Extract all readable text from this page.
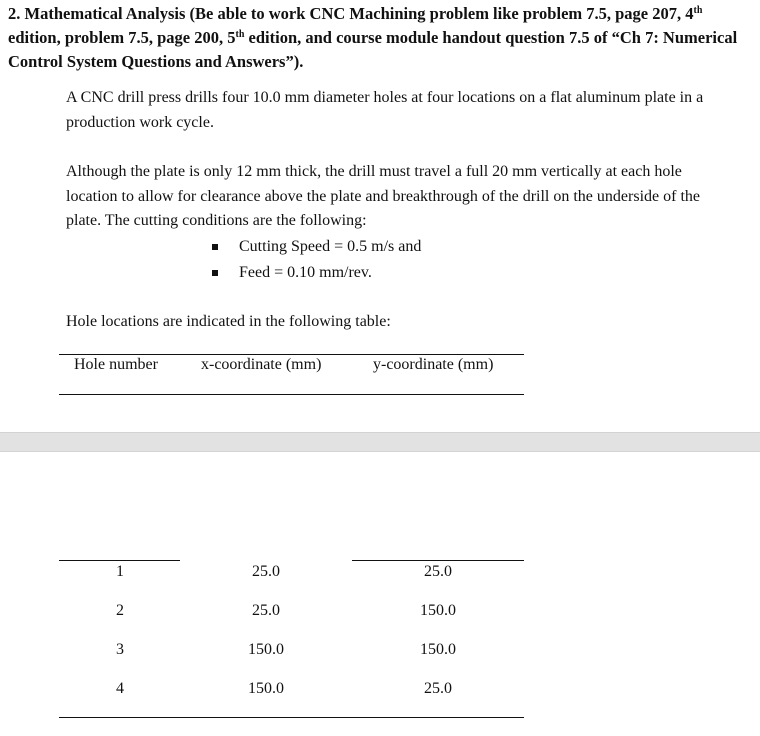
2. Mathematical Analysis (Be able to work CNC Machining problem like problem 7.5, page 207, 4th edition, problem 7.5, page 200, 5th edition, and course module handout question 7.5 of “Ch 7: Numerical Control System Questions and Answers”).
A CNC drill press drills four 10.0 mm diameter holes at four locations on a flat aluminum plate in a production work cycle.
Although the plate is only 12 mm thick, the drill must travel a full 20 mm vertically at each hole location to allow for clearance above the plate and breakthrough of the drill on the underside of the plate. The cutting conditions are the following:
Cutting Speed = 0.5 m/s and
Feed = 0.10 mm/rev.
Hole locations are indicated in the following table:
Hole number	x-coordinate (mm)	y-coordinate (mm)
1	25.0	25.0
2	25.0	150.0
3	150.0	150.0
4	150.0	25.0
